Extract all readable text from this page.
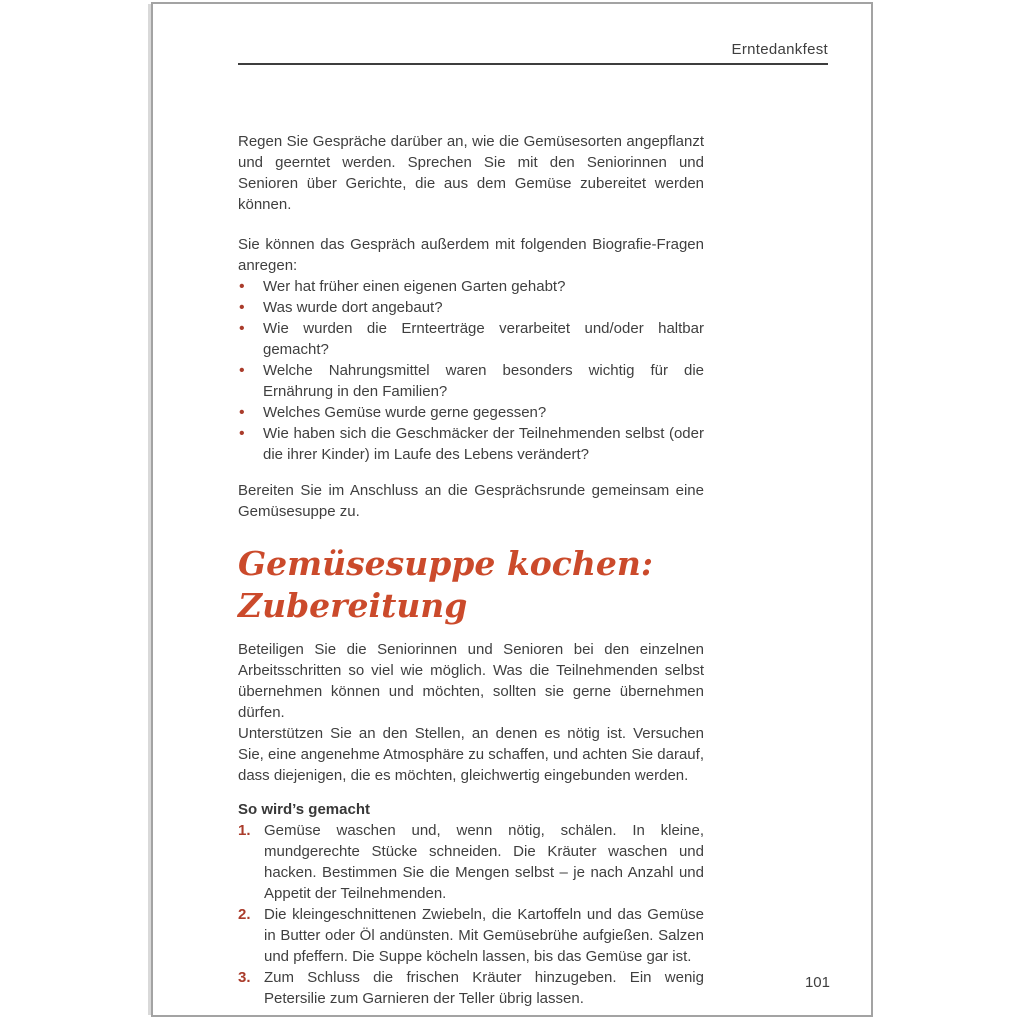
Erntedankfest

Regen Sie Gespräche darüber an, wie die Gemüsesorten angepflanzt und geerntet werden. Sprechen Sie mit den Seniorinnen und Senioren über Gerichte, die aus dem Gemüse zubereitet werden können.

Sie können das Gespräch außerdem mit folgenden Biografie-Fragen anregen:

• Wer hat früher einen eigenen Garten gehabt?
• Was wurde dort angebaut?
• Wie wurden die Ernteerträge verarbeitet und/oder haltbar gemacht?
• Welche Nahrungsmittel waren besonders wichtig für die Ernährung in den Familien?
• Welches Gemüse wurde gerne gegessen?
• Wie haben sich die Geschmäcker der Teilnehmenden selbst (oder die ihrer Kinder) im Laufe des Lebens verändert?

Bereiten Sie im Anschluss an die Gesprächsrunde gemeinsam eine Gemüsesuppe zu.

Gemüsesuppe kochen: Zubereitung

Beteiligen Sie die Seniorinnen und Senioren bei den einzelnen Arbeitsschritten so viel wie möglich. Was die Teilnehmenden selbst übernehmen können und möchten, sollten sie gerne übernehmen dürfen.

Unterstützen Sie an den Stellen, an denen es nötig ist. Versuchen Sie, eine angenehme Atmosphäre zu schaffen, und achten Sie darauf, dass diejenigen, die es möchten, gleichwertig eingebunden werden.

So wird’s gemacht
1. Gemüse waschen und, wenn nötig, schälen. In kleine, mundgerechte Stücke schneiden. Die Kräuter waschen und hacken. Bestimmen Sie die Mengen selbst – je nach Anzahl und Appetit der Teilnehmenden.
2. Die kleingeschnittenen Zwiebeln, die Kartoffeln und das Gemüse in Butter oder Öl andünsten. Mit Gemüsebrühe aufgießen. Salzen und pfeffern. Die Suppe köcheln lassen, bis das Gemüse gar ist.
3. Zum Schluss die frischen Kräuter hinzugeben. Ein wenig Petersilie zum Garnieren der Teller übrig lassen.
101
